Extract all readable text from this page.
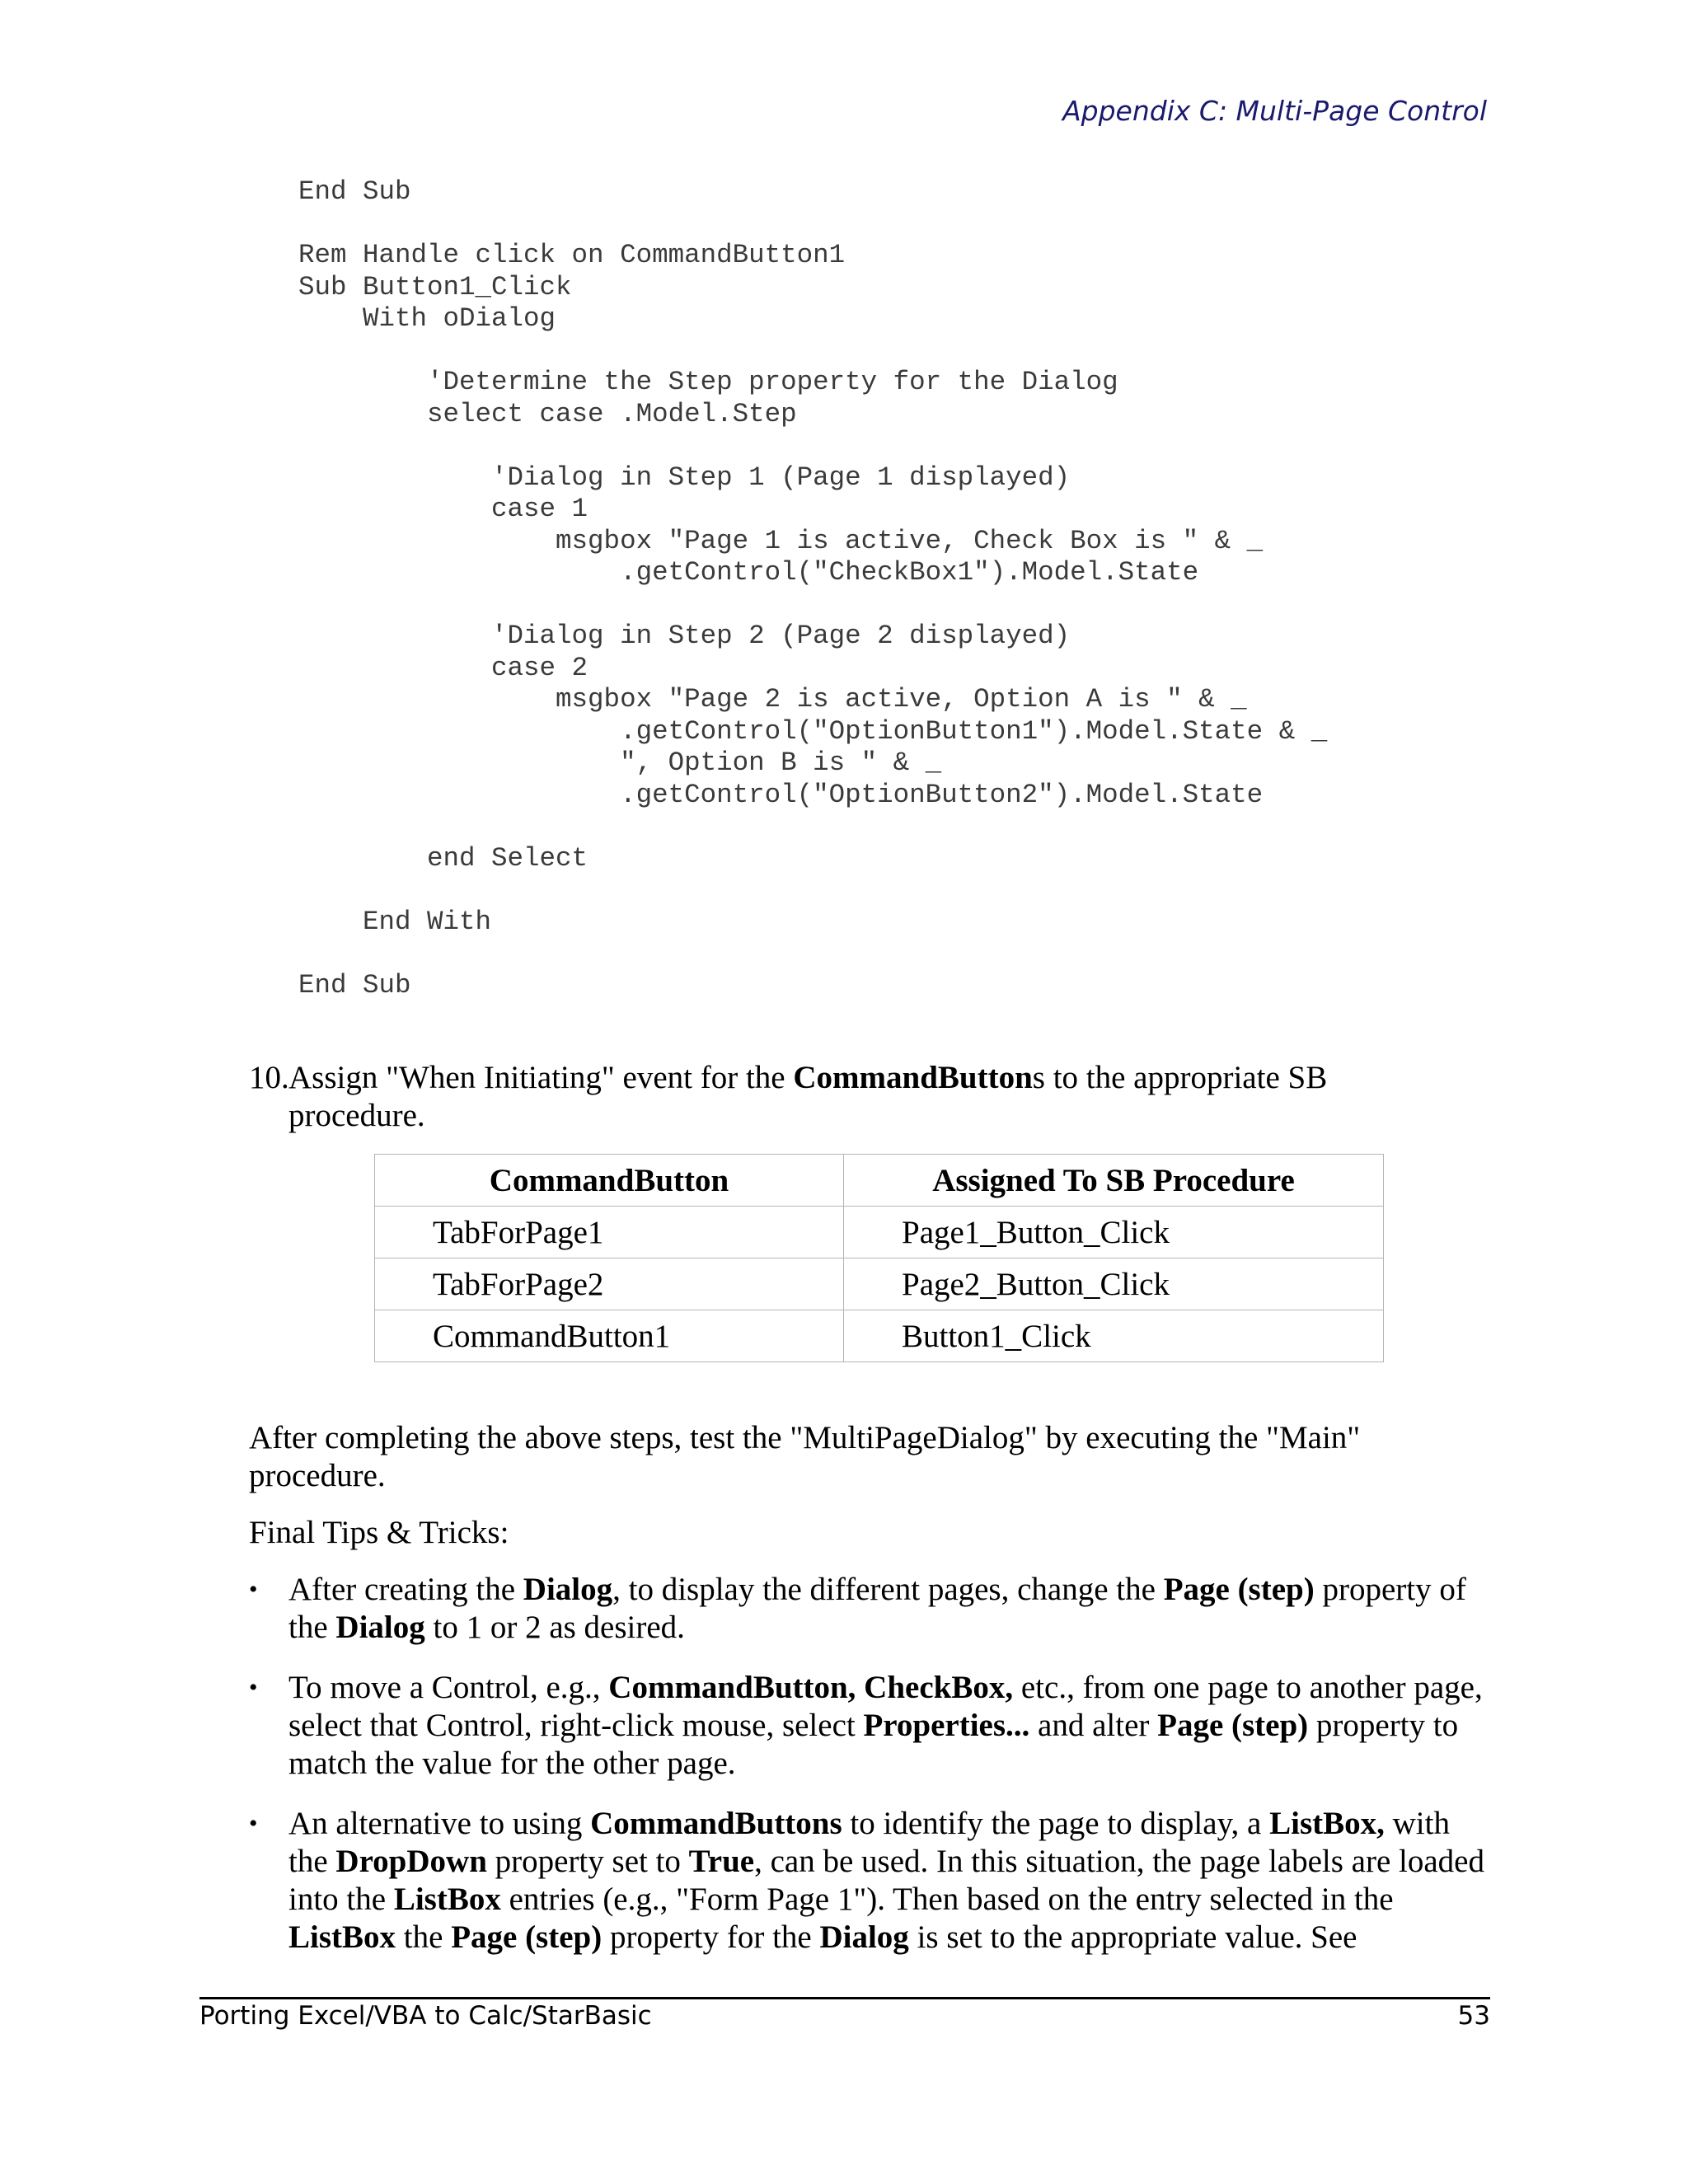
Appendix C: Multi-Page Control
End Sub
Rem Handle click on CommandButton1
Sub Button1_Click
With oDialog
'Determine the Step property for the Dialog
select case .Model.Step
'Dialog in Step 1 (Page 1 displayed)
case 1
msgbox "Page 1 is active, Check Box is " & _
.getControl("CheckBox1").Model.State
'Dialog in Step 2 (Page 2 displayed)
case 2
msgbox "Page 2 is active, Option A is " & _
.getControl("OptionButton1").Model.State & _
", Option B is " & _
.getControl("OptionButton2").Model.State
end Select
End With
End Sub
10. Assign "When Initiating" event for the CommandButtons to the appropriate SB procedure.
CommandButton	Assigned To SB Procedure
TabForPage1	Page1_Button_Click
TabForPage2	Page2_Button_Click
CommandButton1	Button1_Click
After completing the above steps, test the "MultiPageDialog" by executing the "Main" procedure.
Final Tips & Tricks:
• After creating the Dialog, to display the different pages, change the Page (step) property of the Dialog to 1 or 2 as desired.
• To move a Control, e.g., CommandButton, CheckBox, etc., from one page to another page, select that Control, right-click mouse, select Properties... and alter Page (step) property to match the value for the other page.
• An alternative to using CommandButtons to identify the page to display, a ListBox, with the DropDown property set to True, can be used. In this situation, the page labels are loaded into the ListBox entries (e.g., "Form Page 1"). Then based on the entry selected in the ListBox the Page (step) property for the Dialog is set to the appropriate value. See
Porting Excel/VBA to Calc/StarBasic	53
